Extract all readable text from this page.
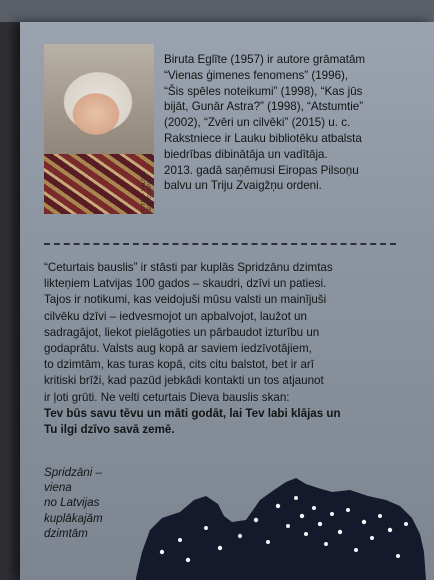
FOTO – VALDIS SEMJONOVS
Biruta Eglīte (1957) ir autore grāmatām
“Vienas ģimenes fenomens” (1996),
“Šis spēles noteikumi” (1998), “Kas jūs
bijāt, Gunār Astra?” (1998), “Atstumtie”
(2002), “Zvēri un cilvēki” (2015) u. c.
Rakstniece ir Lauku bibliotēku atbalsta
biedrības dibinātāja un vadītāja.
2013. gadā saņēmusi Eiropas Pilsoņu
balvu un Triju Zvaigžņu ordeni.
“Ceturtais bauslis” ir stāsti par kuplās Spridzānu dzimtas
likteņiem Latvijas 100 gados – skaudri, dzīvi un patiesi.
Tajos ir notikumi, kas veidojuši mūsu valsti un mainījuši
cilvēku dzīvi – iedvesmojot un apbalvojot, laužot un
sadragājot, liekot pielāgoties un pārbaudot izturību un
godaprātu. Valsts aug kopā ar saviem iedzīvotājiem,
to dzimtām, kas turas kopā, cits citu balstot, bet ir arī
kritiski brīži, kad pazūd jebkādi kontakti un tos atjaunot
ir ļoti grūti. Ne velti ceturtais Dieva bauslis skan:
Tev būs savu tēvu un māti godāt, lai Tev labi klājas un
Tu ilgi dzīvo savā zemē.
Spridzāni –
viena
no Latvijas
kuplākajām
dzimtām
